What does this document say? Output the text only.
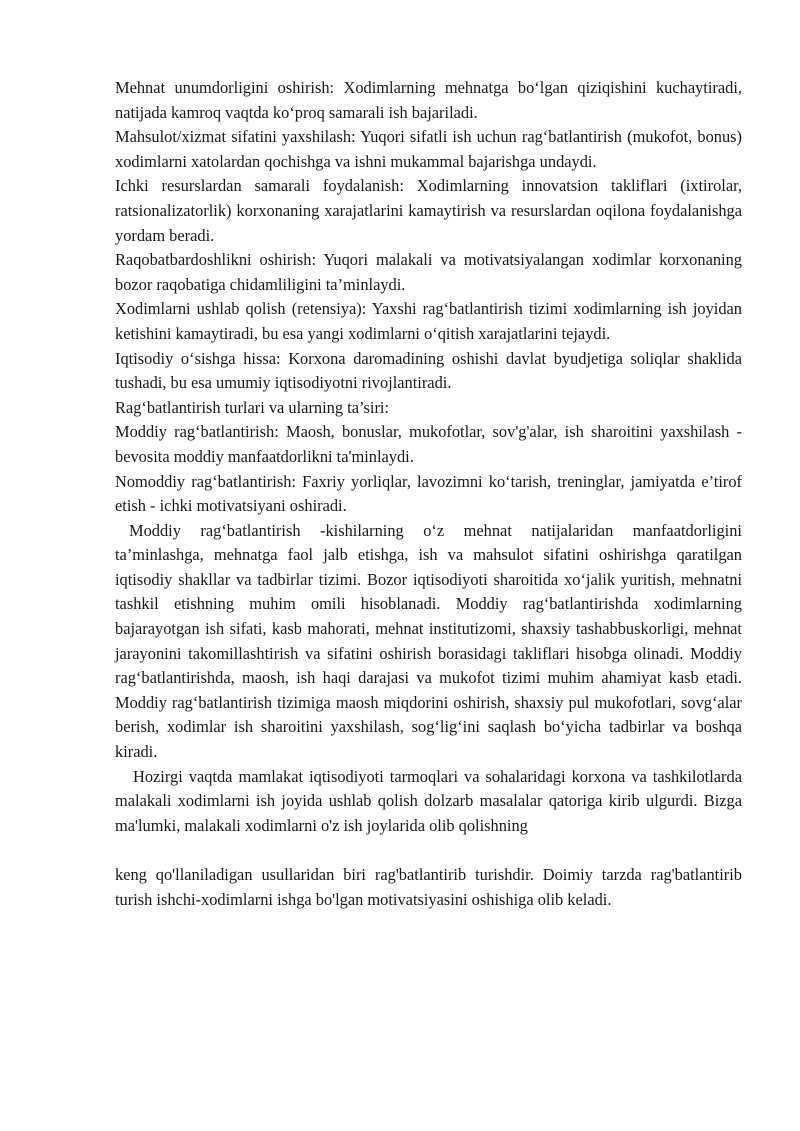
Mehnat unumdorligini oshirish: Xodimlarning mehnatga bo‘lgan qiziqishini kuchaytiradi, natijada kamroq vaqtda ko‘proq samarali ish bajariladi.

Mahsulot/xizmat sifatini yaxshilash: Yuqori sifatli ish uchun rag‘batlantirish (mukofot, bonus) xodimlarni xatolardan qochishga va ishni mukammal bajarishga undaydi.

Ichki resurslardan samarali foydalanish: Xodimlarning innovatsion takliflari (ixtirolar, ratsionalizatorlik) korxonaning xarajatlarini kamaytirish va resurslardan oqilona foydalanishga yordam beradi.

Raqobatbardoshlikni oshirish: Yuqori malakali va motivatsiyalangan xodimlar korxonaning bozor raqobatiga chidamliligini ta’minlaydi.

Xodimlarni ushlab qolish (retensiya): Yaxshi rag‘batlantirish tizimi xodimlarning ish joyidan ketishini kamaytiradi, bu esa yangi xodimlarni o‘qitish xarajatlarini tejaydi.

Iqtisodiy o‘sishga hissa: Korxona daromadining oshishi davlat byudjetiga soliqlar shaklida tushadi, bu esa umumiy iqtisodiyotni rivojlantiradi.

Rag‘batlantirish turlari va ularning ta’siri:

Moddiy rag‘batlantirish: Maosh, bonuslar, mukofotlar, sov'g'alar, ish sharoitini yaxshilash - bevosita moddiy manfaatdorlikni ta'minlaydi.

Nomoddiy rag‘batlantirish: Faxriy yorliqlar, lavozimni ko‘tarish, treninglar, jamiyatda e’tirof etish - ichki motivatsiyani oshiradi.

Moddiy rag‘batlantirish -kishilarning o‘z mehnat natijalaridan manfaatdorligini ta’minlashga, mehnatga faol jalb etishga, ish va mahsulot sifatini oshirishga qaratilgan iqtisodiy shakllar va tadbirlar tizimi. Bozor iqtisodiyoti sharoitida xo‘jalik yuritish, mehnatni tashkil etishning muhim omili hisoblanadi. Moddiy rag‘batlantirishda xodimlarning bajarayotgan ish sifati, kasb mahorati, mehnat institutizomi, shaxsiy tashabbuskorligi, mehnat jarayonini takomillashtirish va sifatini oshirish borasidagi takliflari hisobga olinadi. Moddiy rag‘batlantirishda, maosh, ish haqi darajasi va mukofot tizimi muhim ahamiyat kasb etadi. Moddiy rag‘batlantirish tizimiga maosh miqdorini oshirish, shaxsiy pul mukofotlari, sovg‘alar berish, xodimlar ish sharoitini yaxshilash, sog‘lig‘ini saqlash bo‘yicha tadbirlar va boshqa kiradi.

Hozirgi vaqtda mamlakat iqtisodiyoti tarmoqlari va sohalaridagi korxona va tashkilotlarda malakali xodimlarni ish joyida ushlab qolish dolzarb masalalar qatoriga kirib ulgurdi. Bizga ma'lumki, malakali xodimlarni o'z ish joylarida olib qolishning

keng qo'llaniladigan usullaridan biri rag'batlantirib turishdir. Doimiy tarzda rag'batlantirib turish ishchi-xodimlarni ishga bo'lgan motivatsiyasini oshishiga olib keladi.
